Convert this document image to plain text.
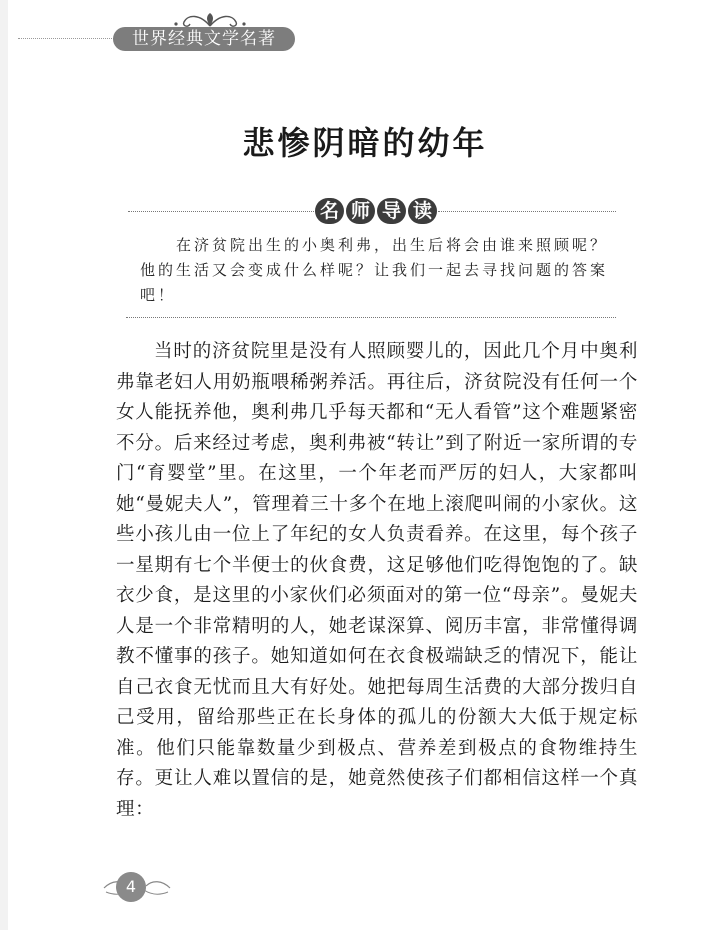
世界经典文学名著
悲惨阴暗的幼年
名 师 导 读
在济贫院出生的小奥利弗，出生后将会由谁来照顾呢？他的生活又会变成什么样呢？让我们一起去寻找问题的答案吧！
当时的济贫院里是没有人照顾婴儿的，因此几个月中奥利弗靠老妇人用奶瓶喂稀粥养活。再往后，济贫院没有任何一个女人能抚养他，奥利弗几乎每天都和“无人看管”这个难题紧密不分。后来经过考虑，奥利弗被“转让”到了附近一家所谓的专门“育婴堂”里。在这里，一个年老而严厉的妇人，大家都叫她“曼妮夫人”，管理着三十多个在地上滚爬叫闹的小家伙。这些小孩儿由一位上了年纪的女人负责看养。在这里，每个孩子一星期有七个半便士的伙食费，这足够他们吃得饱饱的了。缺衣少食，是这里的小家伙们必须面对的第一位“母亲”。曼妮夫人是一个非常精明的人，她老谋深算、阅历丰富，非常懂得调教不懂事的孩子。她知道如何在衣食极端缺乏的情况下，能让自己衣食无忧而且大有好处。她把每周生活费的大部分拨归自己受用，留给那些正在长身体的孤儿的份额大大低于规定标准。他们只能靠数量少到极点、营养差到极点的食物维持生存。更让人难以置信的是，她竟然使孩子们都相信这样一个真理：
4
